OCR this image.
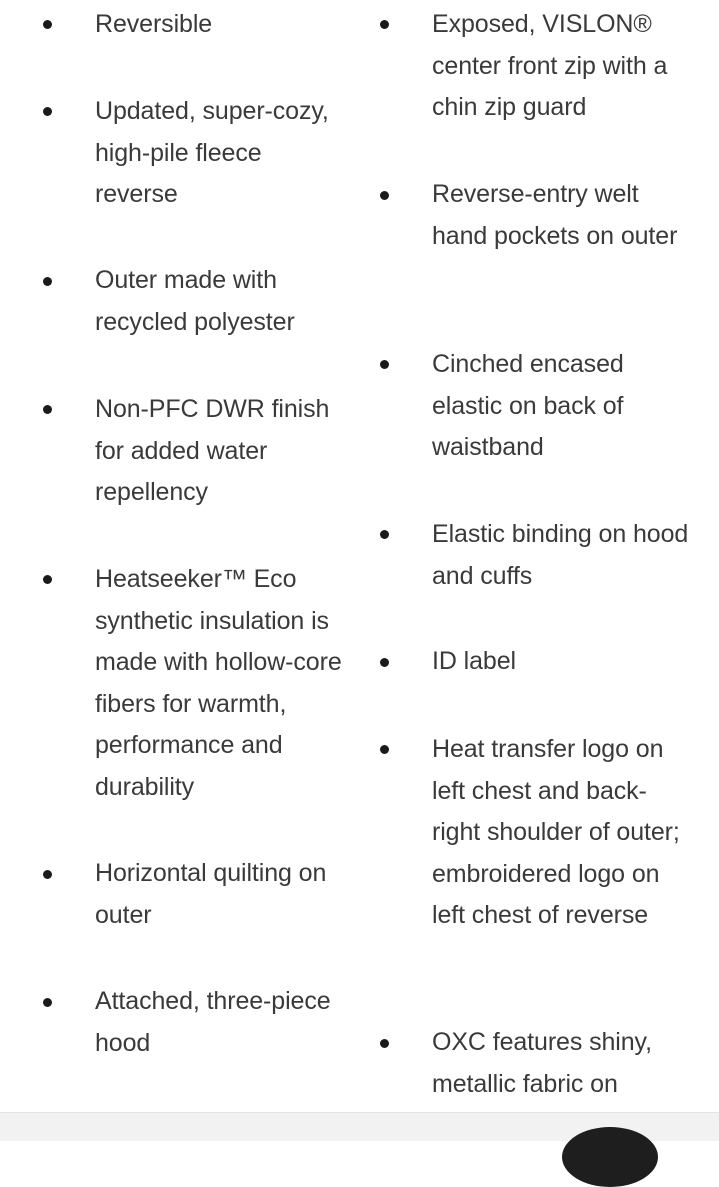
Reversible
Updated, super-cozy, high-pile fleece reverse
Outer made with recycled polyester
Non-PFC DWR finish for added water repellency
Heatseeker™ Eco synthetic insulation is made with hollow-core fibers for warmth, performance and durability
Horizontal quilting on outer
Attached, three-piece hood
Exposed, VISLON® center front zip with a chin zip guard
Reverse-entry welt hand pockets on outer
Cinched encased elastic on back of waistband
Elastic binding on hood and cuffs
ID label
Heat transfer logo on left chest and back-right shoulder of outer; embroidered logo on left chest of reverse
OXC features shiny, metallic fabric on
